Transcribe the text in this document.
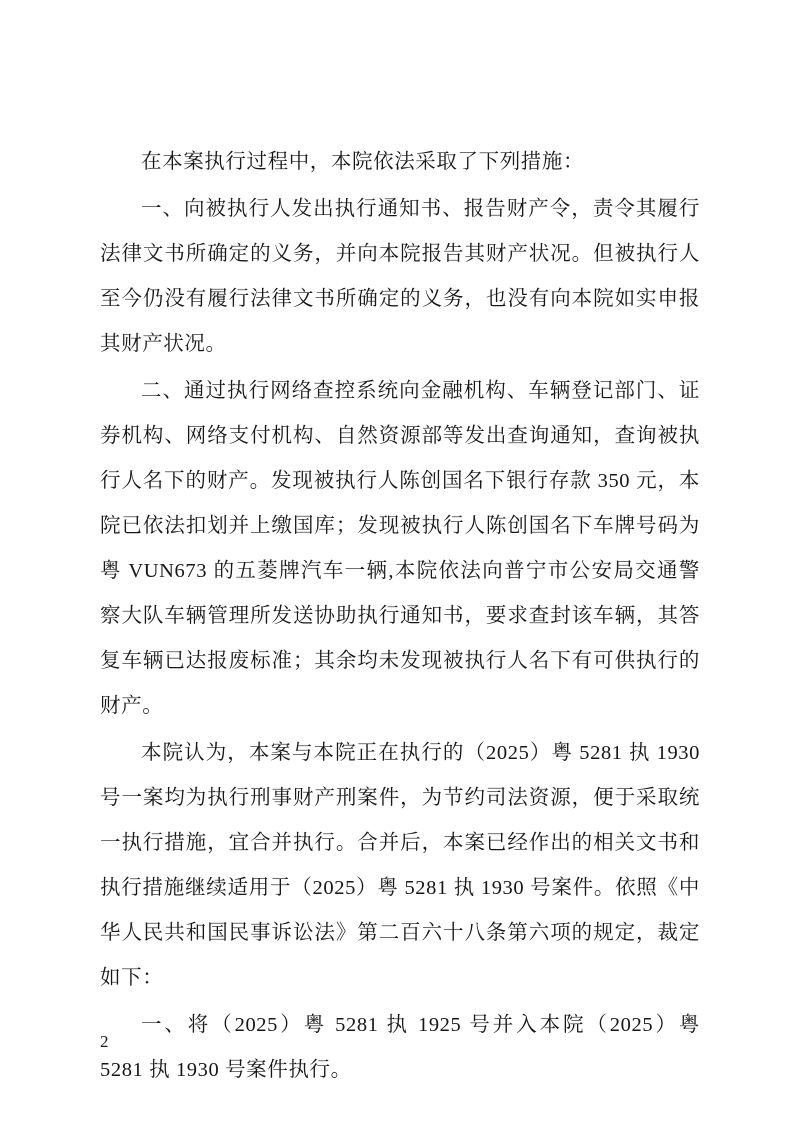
在本案执行过程中，本院依法采取了下列措施：

一、向被执行人发出执行通知书、报告财产令，责令其履行法律文书所确定的义务，并向本院报告其财产状况。但被执行人至今仍没有履行法律文书所确定的义务，也没有向本院如实申报其财产状况。

二、通过执行网络查控系统向金融机构、车辆登记部门、证券机构、网络支付机构、自然资源部等发出查询通知，查询被执行人名下的财产。发现被执行人陈创国名下银行存款 350 元，本院已依法扣划并上缴国库；发现被执行人陈创国名下车牌号码为粤 VUN673 的五菱牌汽车一辆,本院依法向普宁市公安局交通警察大队车辆管理所发送协助执行通知书，要求查封该车辆，其答复车辆已达报废标准；其余均未发现被执行人名下有可供执行的财产。

本院认为，本案与本院正在执行的（2025）粤 5281 执 1930 号一案均为执行刑事财产刑案件，为节约司法资源，便于采取统一执行措施，宜合并执行。合并后，本案已经作出的相关文书和执行措施继续适用于（2025）粤 5281 执 1930 号案件。依照《中华人民共和国民事诉讼法》第二百六十八条第六项的规定，裁定如下：

一、将（2025）粤 5281 执 1925 号并入本院（2025）粤 5281 执 1930 号案件执行。

2
